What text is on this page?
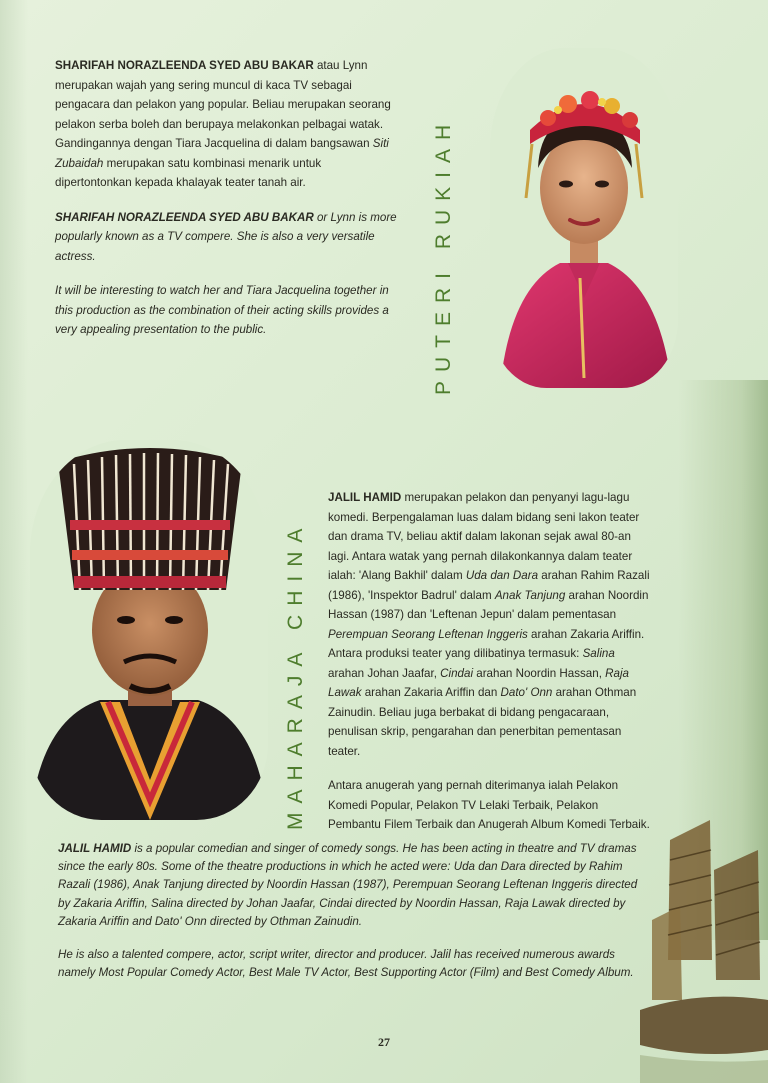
SHARIFAH NORAZLEENDA SYED ABU BAKAR atau Lynn merupakan wajah yang sering muncul di kaca TV sebagai pengacara dan pelakon yang popular. Beliau merupakan seorang pelakon serba boleh dan berupaya melakonkan pelbagai watak. Gandingannya dengan Tiara Jacquelina di dalam bangsawan Siti Zubaidah merupakan satu kombinasi menarik untuk dipertontonkan kepada khalayak teater tanah air.

SHARIFAH NORAZLEENDA SYED ABU BAKAR or Lynn is more popularly known as a TV compere. She is also a very versatile actress.

It will be interesting to watch her and Tiara Jacquelina together in this production as the combination of their acting skills provides a very appealing presentation to the public.	PUTERI RUKIAH
MAHARAJA CHINA

JALIL HAMID merupakan pelakon dan penyanyi lagu-lagu komedi. Berpengalaman luas dalam bidang seni lakon teater dan drama TV, beliau aktif dalam lakonan sejak awal 80-an lagi. Antara watak yang pernah dilakonkannya dalam teater ialah: 'Alang Bakhil' dalam Uda dan Dara arahan Rahim Razali (1986), 'Inspektor Badrul' dalam Anak Tanjung arahan Noordin Hassan (1987) dan 'Leftenan Jepun' dalam pementasan Perempuan Seorang Leftenan Inggeris arahan Zakaria Ariffin. Antara produksi teater yang dilibatinya termasuk: Salina arahan Johan Jaafar, Cindai arahan Noordin Hassan, Raja Lawak arahan Zakaria Ariffin dan Dato' Onn arahan Othman Zainudin. Beliau juga berbakat di bidang pengacaraan, penulisan skrip, pengarahan dan penerbitan pementasan teater.

Antara anugerah yang pernah diterimanya ialah Pelakon Komedi Popular, Pelakon TV Lelaki Terbaik, Pelakon Pembantu Filem Terbaik dan Anugerah Album Komedi Terbaik.

JALIL HAMID is a popular comedian and singer of comedy songs. He has been acting in theatre and TV dramas since the early 80s. Some of the theatre productions in which he acted were: Uda dan Dara directed by Rahim Razali (1986), Anak Tanjung directed by Noordin Hassan (1987), Perempuan Seorang Leftenan Inggeris directed by Zakaria Ariffin, Salina directed by Johan Jaafar, Cindai directed by Noordin Hassan, Raja Lawak directed by Zakaria Ariffin and Dato' Onn directed by Othman Zainudin.

He is also a talented compere, actor, script writer, director and producer. Jalil has received numerous awards namely Most Popular Comedy Actor, Best Male TV Actor, Best Supporting Actor (Film) and Best Comedy Album.

27
